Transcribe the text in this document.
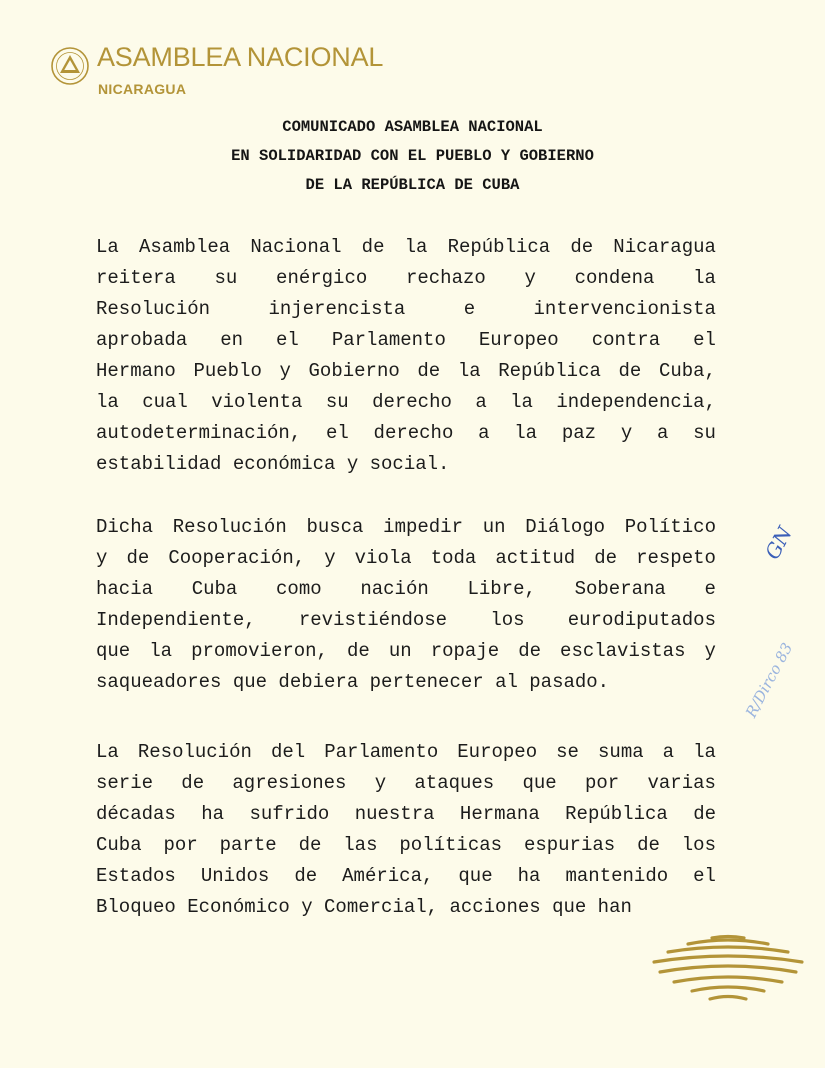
ASAMBLEA NACIONAL
NICARAGUA
COMUNICADO ASAMBLEA NACIONAL
EN SOLIDARIDAD CON EL PUEBLO Y GOBIERNO
DE LA REPÚBLICA DE CUBA
La Asamblea Nacional de la República de Nicaragua
reitera su enérgico rechazo y condena la
Resolución	injerencista	e	intervencionista
aprobada en el Parlamento Europeo contra el
Hermano Pueblo y Gobierno de la República de Cuba,
la cual violenta su derecho a la independencia,
autodeterminación, el derecho a la paz y a su
estabilidad económica y social.
Dicha Resolución busca impedir un Diálogo Político
y de Cooperación, y viola toda actitud de respeto
hacia Cuba como nación Libre, Soberana e
Independiente, revistiéndose los eurodiputados
que la promovieron, de un ropaje de esclavistas y
saqueadores que debiera pertenecer al pasado.
La Resolución del Parlamento Europeo se suma a la
serie de agresiones y ataques que por varias
décadas ha sufrido nuestra Hermana República de
Cuba por parte de las políticas espurias de los
Estados Unidos de América, que ha mantenido el
Bloqueo Económico y Comercial, acciones que han
GN
R/Dirco 83
